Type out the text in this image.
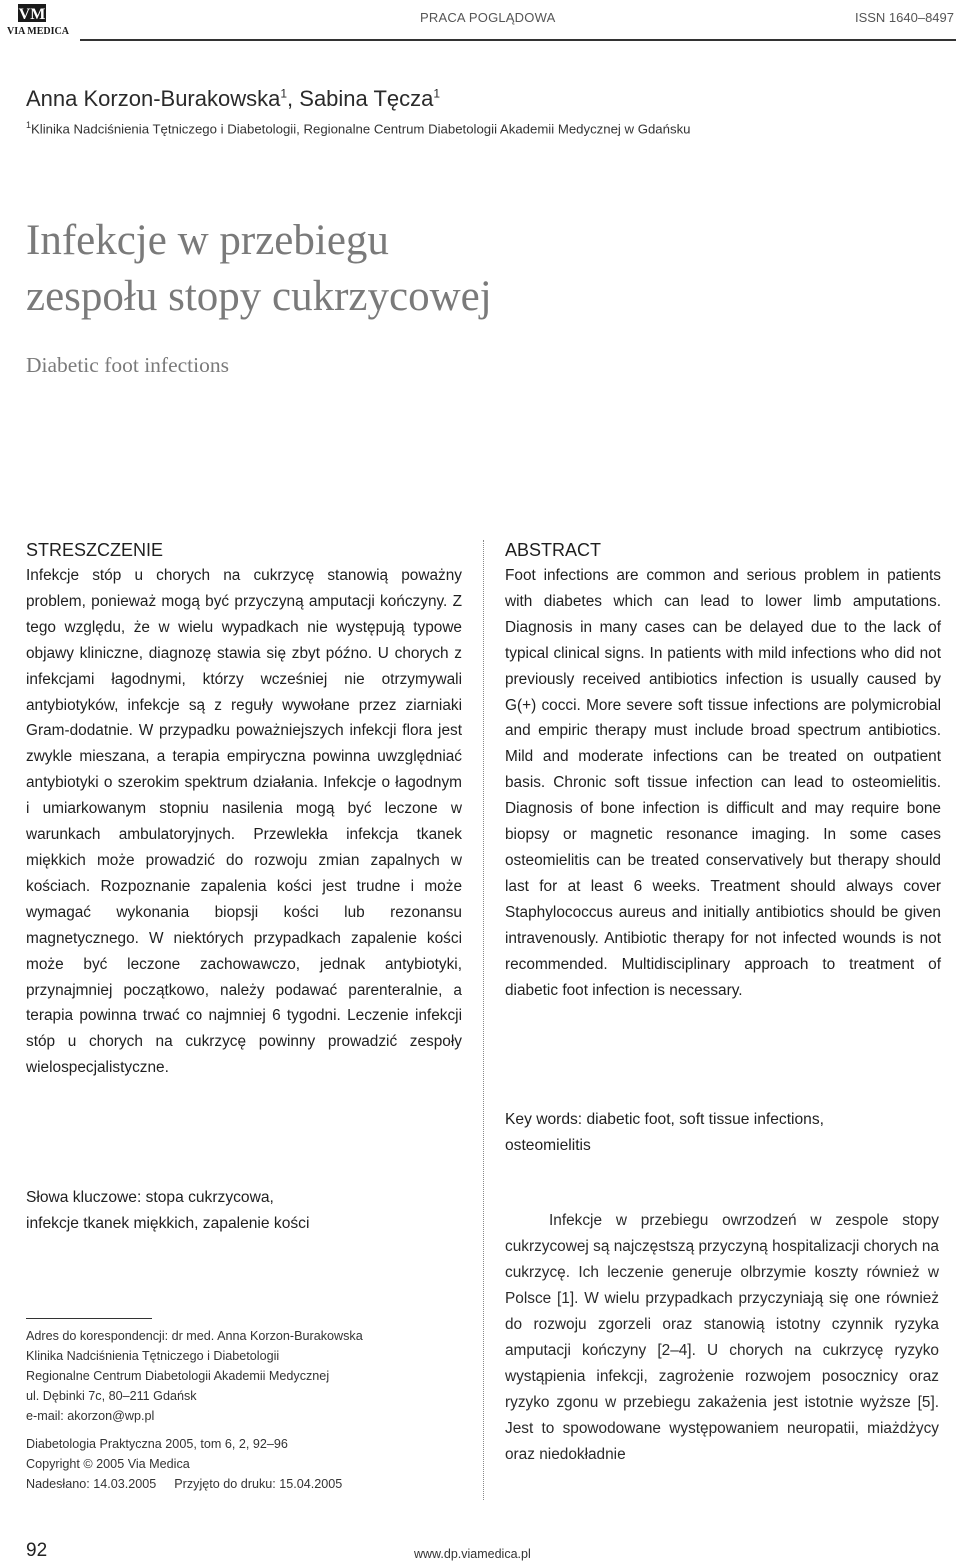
VM
VIA MEDICA
PRACA POGLĄDOWA	ISSN 1640–8497
Anna Korzon-Burakowska$^1$, Sabina Tęcza$^1$
$^1$Klinika Nadciśnienia Tętniczego i Diabetologii, Regionalne Centrum Diabetologii Akademii Medycznej w Gdańsku
Infekcje w przebiegu
zespołu stopy cukrzycowej
Diabetic foot infections
STRESZCZENIE
Infekcje stóp u chorych na cukrzycę stanowią poważny problem, ponieważ mogą być przyczyną amputacji kończyny. Z tego względu, że w wielu wypadkach nie występują typowe objawy kliniczne, diagnozę stawia się zbyt późno. U chorych z infekcjami łagodnymi, którzy wcześniej nie otrzymywali antybiotyków, infekcje są z reguły wywołane przez ziarniaki Gram-dodatnie. W przypadku poważniejszych infekcji flora jest zwykle mieszana, a terapia empiryczna powinna uwzględniać antybiotyki o szerokim spektrum działania. Infekcje o łagodnym i umiarkowanym stopniu nasilenia mogą być leczone w warunkach ambulatoryjnych. Przewlekła infekcja tkanek miękkich może prowadzić do rozwoju zmian zapalnych w kościach. Rozpoznanie zapalenia kości jest trudne i może wymagać wykonania biopsji kości lub rezonansu magnetycznego. W niektórych przypadkach zapalenie kości może być leczone zachowawczo, jednak antybiotyki, przynajmniej początkowo, należy podawać parenteralnie, a terapia powinna trwać co najmniej 6 tygodni. Leczenie infekcji stóp u chorych na cukrzycę powinny prowadzić zespoły wielospecjalistyczne.
ABSTRACT
Foot infections are common and serious problem in patients with diabetes which can lead to lower limb amputations. Diagnosis in many cases can be delayed due to the lack of typical clinical signs. In patients with mild infections who did not previously received antibiotics infection is usually caused by G(+) cocci. More severe soft tissue infections are polymicrobial and empiric therapy must include broad spectrum antibiotics. Mild and moderate infections can be treated on outpatient basis. Chronic soft tissue infection can lead to osteomielitis. Diagnosis of bone infection is difficult and may require bone biopsy or magnetic resonance imaging. In some cases osteomielitis can be treated conservatively but therapy should last for at least 6 weeks. Treatment should always cover Staphylococcus aureus and initially antibiotics should be given intravenously. Antibiotic therapy for not infected wounds is not recommended. Multidisciplinary approach to treatment of diabetic foot infection is necessary.
Słowa kluczowe: stopa cukrzycowa,
infekcje tkanek miękkich, zapalenie kości
Key words: diabetic foot, soft tissue infections,
osteomielitis
Adres do korespondencji: dr med. Anna Korzon-Burakowska
Klinika Nadciśnienia Tętniczego i Diabetologii
Regionalne Centrum Diabetologii Akademii Medycznej
ul. Dębinki 7c, 80–211 Gdańsk
e-mail: akorzon@wp.pl
Diabetologia Praktyczna 2005, tom 6, 2, 92–96
Copyright © 2005 Via Medica
Nadesłano: 14.03.2005 Przyjęto do druku: 15.04.2005
Infekcje w przebiegu owrzodzeń w zespole stopy cukrzycowej są najczęstszą przyczyną hospitalizacji chorych na cukrzycę. Ich leczenie generuje olbrzymie koszty również w Polsce [1]. W wielu przypadkach przyczyniają się one również do rozwoju zgorzeli oraz stanowią istotny czynnik ryzyka amputacji kończyny [2–4]. U chorych na cukrzycę ryzyko wystąpienia infekcji, zagrożenie rozwojem posocznicy oraz ryzyko zgonu w przebiegu zakażenia jest istotnie wyższe [5]. Jest to spowodowane występowaniem neuropatii, miażdżycy oraz niedokładnie
92	www.dp.viamedica.pl
